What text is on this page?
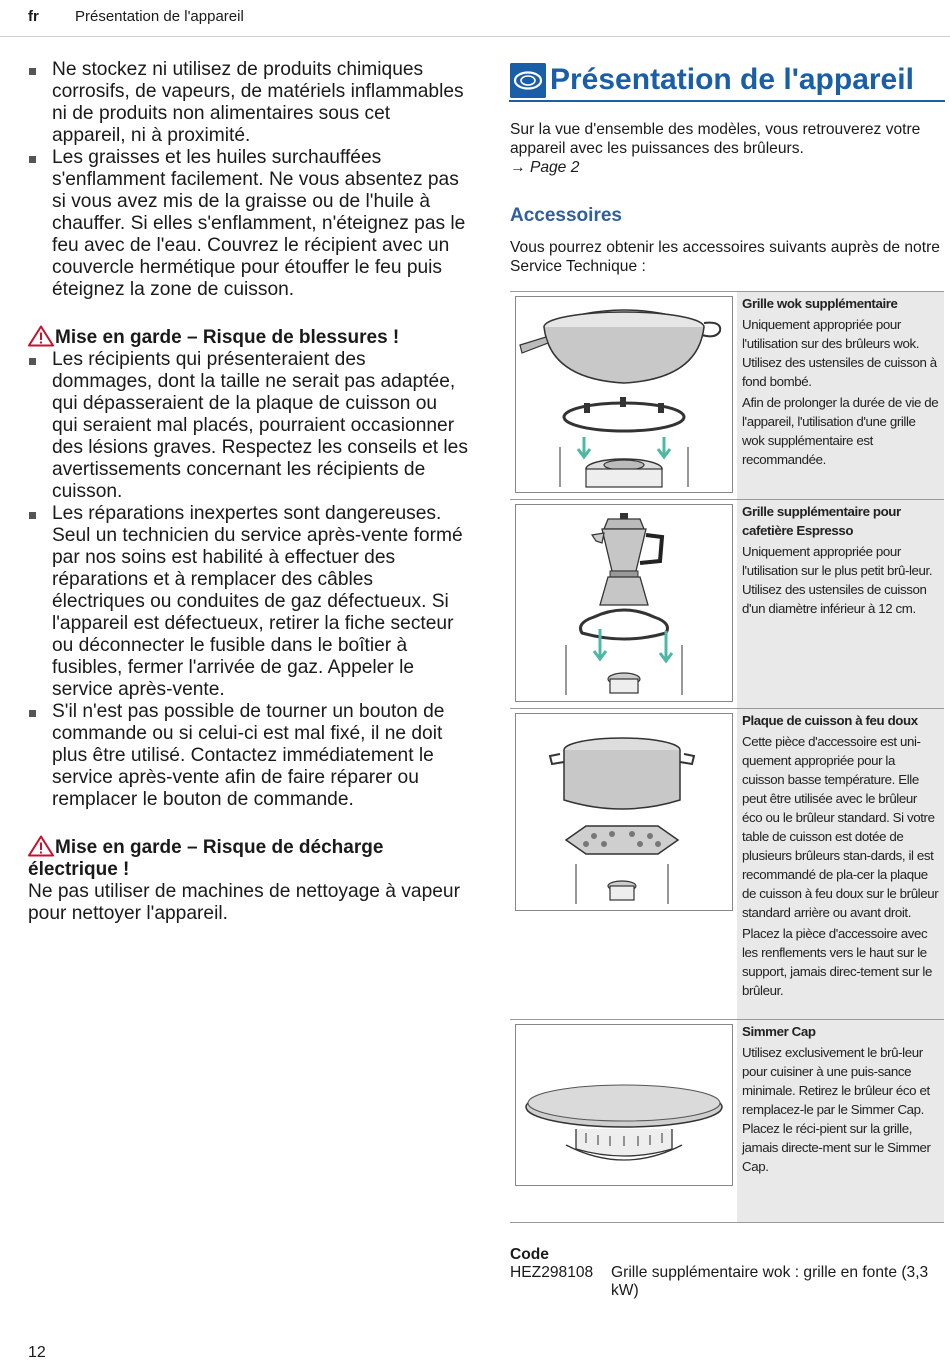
fr Présentation de l'appareil
Ne stockez ni utilisez de produits chimiques corrosifs, de vapeurs, de matériels inflammables ni de produits non alimentaires sous cet appareil, ni à proximité.
Les graisses et les huiles surchauffées s'enflamment facilement. Ne vous absentez pas si vous avez mis de la graisse ou de l'huile à chauffer. Si elles s'enflamment, n'éteignez pas le feu avec de l'eau. Couvrez le récipient avec un couvercle hermétique pour étouffer le feu puis éteignez la zone de cuisson.

Mise en garde – Risque de blessures !

Les récipients qui présenteraient des dommages, dont la taille ne serait pas adaptée, qui dépasseraient de la plaque de cuisson ou qui seraient mal placés, pourraient occasionner des lésions graves. Respectez les conseils et les avertissements concernant les récipients de cuisson.
Les réparations inexpertes sont dangereuses. Seul un technicien du service après-vente formé par nos soins est habilité à effectuer des réparations et à remplacer des câbles électriques ou conduites de gaz défectueux. Si l'appareil est défectueux, retirer la fiche secteur ou déconnecter le fusible dans le boîtier à fusibles, fermer l'arrivée de gaz. Appeler le service après-vente.
S'il n'est pas possible de tourner un bouton de commande ou si celui-ci est mal fixé, il ne doit plus être utilisé. Contactez immédiatement le service après-vente afin de faire réparer ou remplacer le bouton de commande.

Mise en garde – Risque de décharge électrique !

Ne pas utiliser de machines de nettoyage à vapeur pour nettoyer l'appareil.

Présentation de l'appareil
Sur la vue d'ensemble des modèles, vous retrouverez votre appareil avec les puissances des brûleurs.
→ Page 2
Accessoires
Vous pourrez obtenir les accessoires suivants auprès de notre Service Technique :

Grille wok supplémentaire

Uniquement appropriée pour l'utilisation sur des brûleurs wok. Utilisez des ustensiles de cuisson à fond bombé.

Afin de prolonger la durée de vie de l'appareil, l'utilisation d'une grille wok supplémentaire est recommandée.

Grille supplémentaire pour cafetière Espresso

Uniquement appropriée pour l'utilisation sur le plus petit brû-leur. Utilisez des ustensiles de cuisson d'un diamètre inférieur à 12 cm.

Plaque de cuisson à feu doux

Cette pièce d'accessoire est uni-quement appropriée pour la cuisson basse température. Elle peut être utilisée avec le brûleur éco ou le brûleur standard. Si votre table de cuisson est dotée de plusieurs brûleurs stan-dards, il est recommandé de pla-cer la plaque de cuisson à feu doux sur le brûleur standard arrière ou avant droit.

Placez la pièce d'accessoire avec les renflements vers le haut sur le support, jamais direc-tement sur le brûleur.

Simmer Cap

Utilisez exclusivement le brû-leur pour cuisiner à une puis-sance minimale. Retirez le brûleur éco et remplacez-le par le Simmer Cap. Placez le réci-pient sur la grille, jamais directe-ment sur le Simmer Cap.

Code
HEZ298108 Grille supplémentaire wok : grille en fonte (3,3 kW)
12
